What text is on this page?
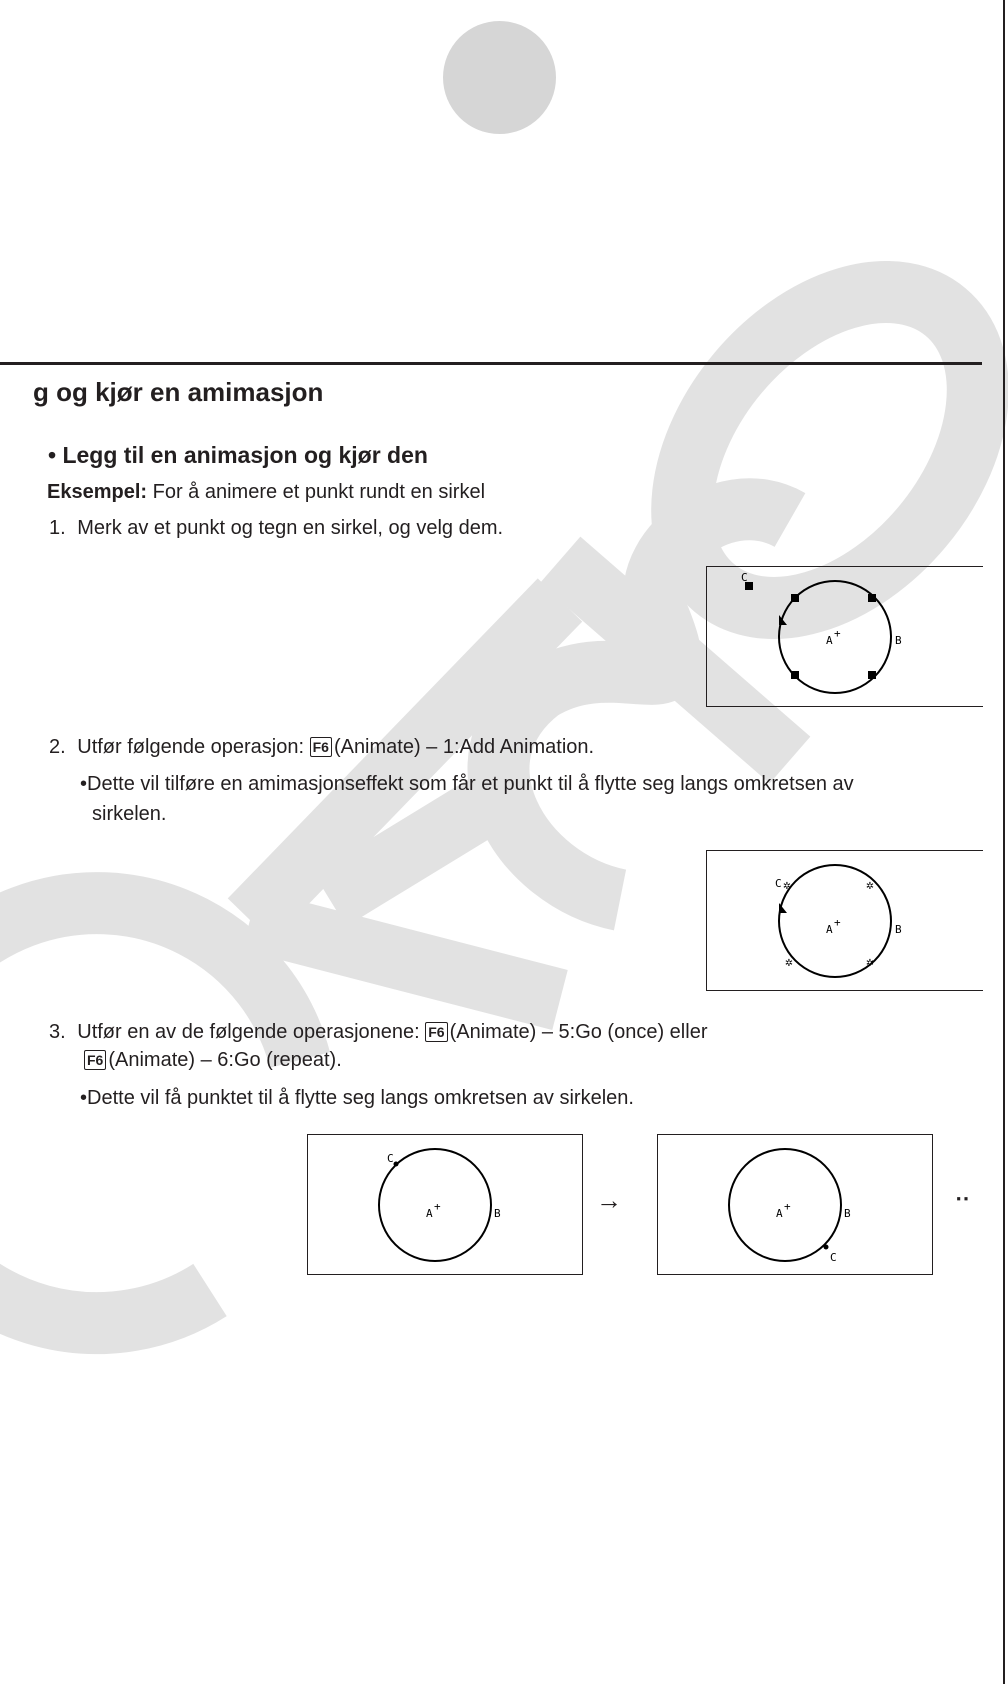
g og kjør en amimasjon
• Legg til en animasjon og kjør den
Eksempel: For å animere et punkt rundt en sirkel
1. Merk av et punkt og tegn en sirkel, og velg dem.
C
A
+
B
2. Utfør følgende operasjon: F6 (Animate) – 1:Add Animation.
•Dette vil tilføre en amimasjonseffekt som får et punkt til å flytte seg langs omkretsen av
sirkelen.
✲	✲
✲	✲
C
A
+
B
3. Utfør en av de følgende operasjonene: F6 (Animate) – 5:Go (once) eller
F6 (Animate) – 6:Go (repeat).
•Dette vil få punktet til å flytte seg langs omkretsen av sirkelen.
C
A
+
B	→
C
A
+
B
‥
